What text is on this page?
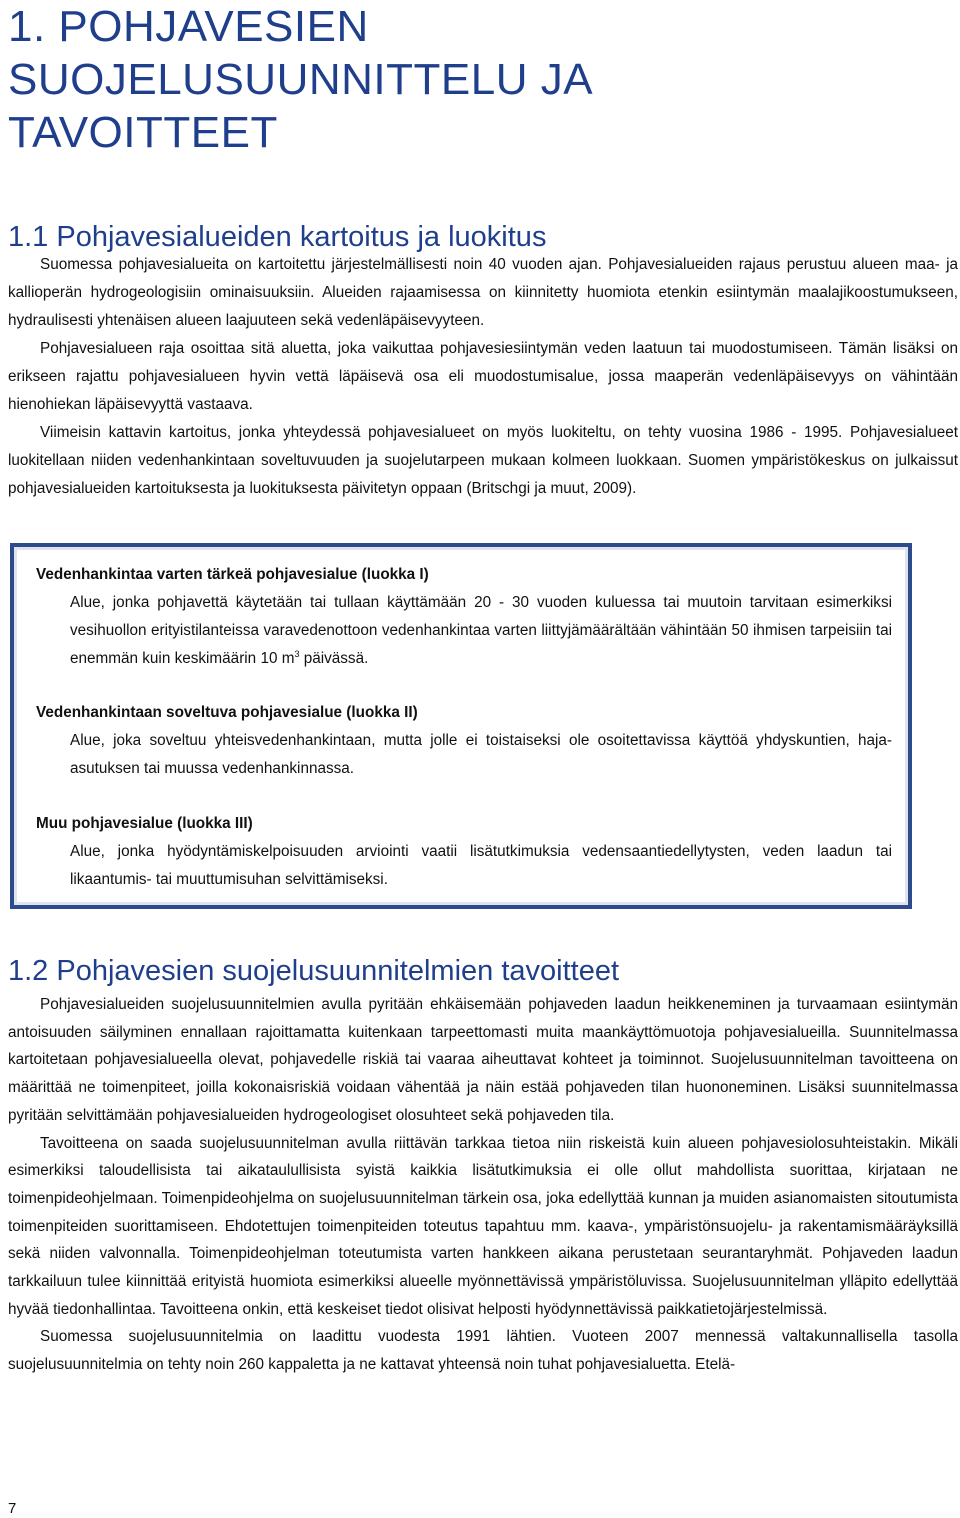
1. POHJAVESIEN
SUOJELUSUUNNITTELU JA
TAVOITTEET
1.1 Pohjavesialueiden kartoitus ja luokitus

Suomessa pohjavesialueita on kartoitettu järjestelmällisesti noin 40 vuoden ajan. Pohjavesialueiden rajaus perustuu alueen maa- ja kallioperän hydrogeologisiin ominaisuuksiin. Alueiden rajaamisessa on kiinnitetty huomiota etenkin esiintymän maalajikoostumukseen, hydraulisesti yhtenäisen alueen laajuuteen sekä vedenläpäisevyyteen.

Pohjavesialueen raja osoittaa sitä aluetta, joka vaikuttaa pohjavesiesiintymän veden laatuun tai muodostumiseen. Tämän lisäksi on erikseen rajattu pohjavesialueen hyvin vettä läpäisevä osa eli muodostumisalue, jossa maaperän vedenläpäisevyys on vähintään hienohiekan läpäisevyyttä vastaava.

Viimeisin kattavin kartoitus, jonka yhteydessä pohjavesialueet on myös luokiteltu, on tehty vuosina 1986 - 1995. Pohjavesialueet luokitellaan niiden vedenhankintaan soveltuvuuden ja suojelutarpeen mukaan kolmeen luokkaan. Suomen ympäristökeskus on julkaissut pohjavesialueiden kartoituksesta ja luokituksesta päivitetyn oppaan (Britschgi ja muut, 2009).

1.2 Pohjavesien suojelusuunnitelmien tavoitteet

Pohjavesialueiden suojelusuunnitelmien avulla pyritään ehkäisemään pohjaveden laadun heikkeneminen ja turvaamaan esiintymän antoisuuden säilyminen ennallaan rajoittamatta kuitenkaan tarpeettomasti muita maankäyttömuotoja pohjavesialueilla. Suunnitelmassa kartoitetaan pohjavesialueella olevat, pohjavedelle riskiä tai vaaraa aiheuttavat kohteet ja toiminnot. Suojelusuunnitelman tavoitteena on määrittää ne toimenpiteet, joilla kokonaisriskiä voidaan vähentää ja näin estää pohjaveden tilan huononeminen. Lisäksi suunnitelmassa pyritään selvittämään pohjavesialueiden hydrogeologiset olosuhteet sekä pohjaveden tila.

Tavoitteena on saada suojelusuunnitelman avulla riittävän tarkkaa tietoa niin riskeistä kuin alueen pohjavesiolosuhteistakin. Mikäli esimerkiksi taloudellisista tai aikataulullisista syistä kaikkia lisätutkimuksia ei olle ollut mahdollista suorittaa, kirjataan ne toimenpideohjelmaan. Toimenpideohjelma on suojelusuunnitelman tärkein osa, joka edellyttää kunnan ja muiden asianomaisten sitoutumista toimenpiteiden suorittamiseen. Ehdotettujen toimenpiteiden toteutus tapahtuu mm. kaava-, ympäristönsuojelu- ja rakentamismääräyksillä sekä niiden valvonnalla. Toimenpideohjelman toteutumista varten hankkeen aikana perustetaan seurantaryhmät. Pohjaveden laadun tarkkailuun tulee kiinnittää erityistä huomiota esimerkiksi alueelle myönnettävissä ympäristöluvissa. Suojelusuunnitelman ylläpito edellyttää hyvää tiedonhallintaa. Tavoitteena onkin, että keskeiset tiedot olisivat helposti hyödynnettävissä paikkatietojärjestelmissä.

Suomessa suojelusuunnitelmia on laadittu vuodesta 1991 lähtien. Vuoteen 2007 mennessä valtakunnallisella tasolla suojelusuunnitelmia on tehty noin 260 kappaletta ja ne kattavat yhteensä noin tuhat pohjavesialuetta. Etelä-

Vedenhankintaa varten tärkeä pohjavesialue (luokka I)
Alue, jonka pohjavettä käytetään tai tullaan käyttämään 20 - 30 vuoden kuluessa tai muutoin tarvitaan esimerkiksi vesihuollon erityistilanteissa varavedenottoon vedenhankintaa varten liittyjämäärältään vähintään 50 ihmisen tarpeisiin tai enemmän kuin keskimäärin 10 $m^3$ päivässä.
Vedenhankintaan soveltuva pohjavesialue (luokka II)
Alue, joka soveltuu yhteisvedenhankintaan, mutta jolle ei toistaiseksi ole osoitettavissa käyttöä yhdyskuntien, haja-asutuksen tai muussa vedenhankinnassa.
Muu pohjavesialue (luokka III)
Alue, jonka hyödyntämiskelpoisuuden arviointi vaatii lisätutkimuksia vedensaantiedellytysten, veden laadun tai likaantumis- tai muuttumisuhan selvittämiseksi.
7
